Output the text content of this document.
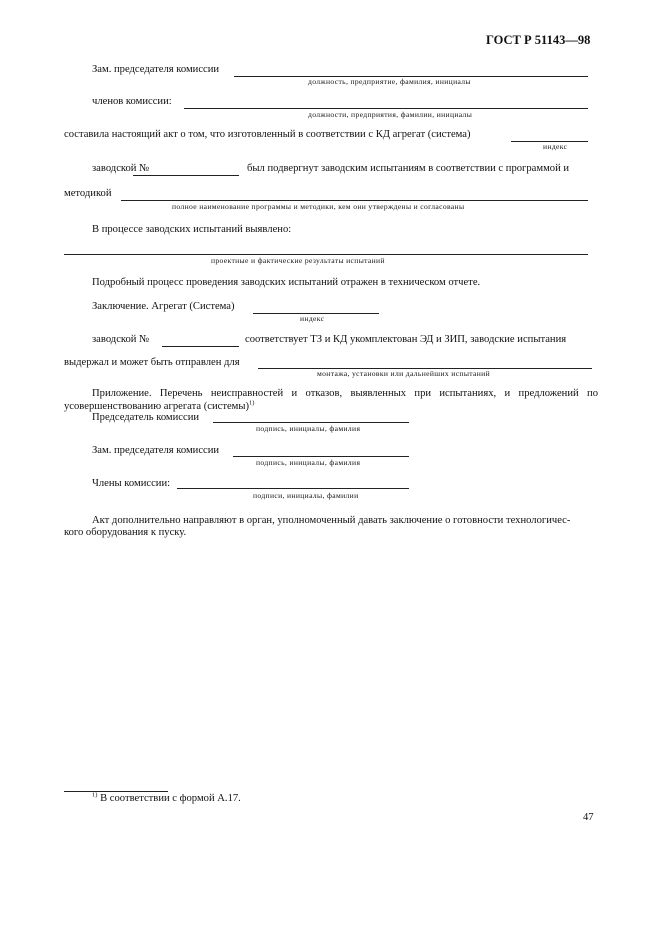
ГОСТ Р 51143—98
Зам. председателя комиссии
должность, предприятие, фамилия, инициалы
членов комиссии:
должности, предприятия, фамилии, инициалы
составила настоящий акт о том, что изготовленный в соответствии с КД агрегат (система)
индекс
заводской №	был подвергнут заводским испытаниям в соответствии с программой и
методикой
полное наименование программы и методики, кем они утверждены и согласованы
В процессе заводских испытаний выявлено:
проектные и фактические результаты испытаний
Подробный процесс проведения заводских испытаний отражен в техническом отчете.
Заключение. Агрегат (Система)
индекс
заводской №	соответствует ТЗ и КД укомплектован ЭД и ЗИП, заводские испытания
выдержал и может быть отправлен для
монтажа, установки или дальнейших испытаний
Приложение. Перечень неисправностей и отказов, выявленных при испытаниях, и предложений по усовершенствованию агрегата (системы)$^{1)}$
Председатель комиссии
подпись, инициалы, фамилия
Зам. председателя комиссии
подпись, инициалы, фамилия
Члены комиссии:
подписи, инициалы, фамилии
Акт дополнительно направляют в орган, уполномоченный давать заключение о готовности технологичес-
кого оборудования к пуску.
$^{1)}$ В соответствии с формой А.17.
47
